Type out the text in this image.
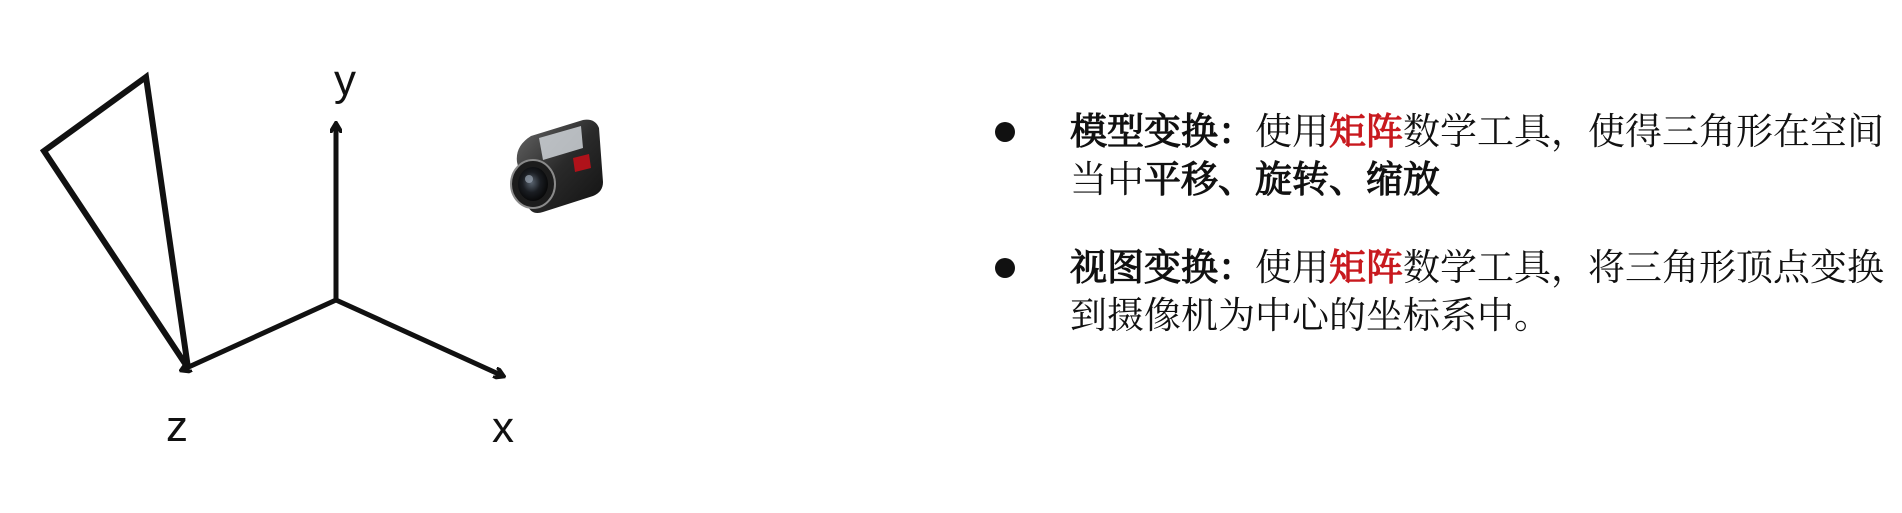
y
x
z
模型变换：使用矩阵数学工具，使得三角形在空间
当中平移、旋转、缩放
视图变换：使用矩阵数学工具，将三角形顶点变换
到摄像机为中心的坐标系中。
